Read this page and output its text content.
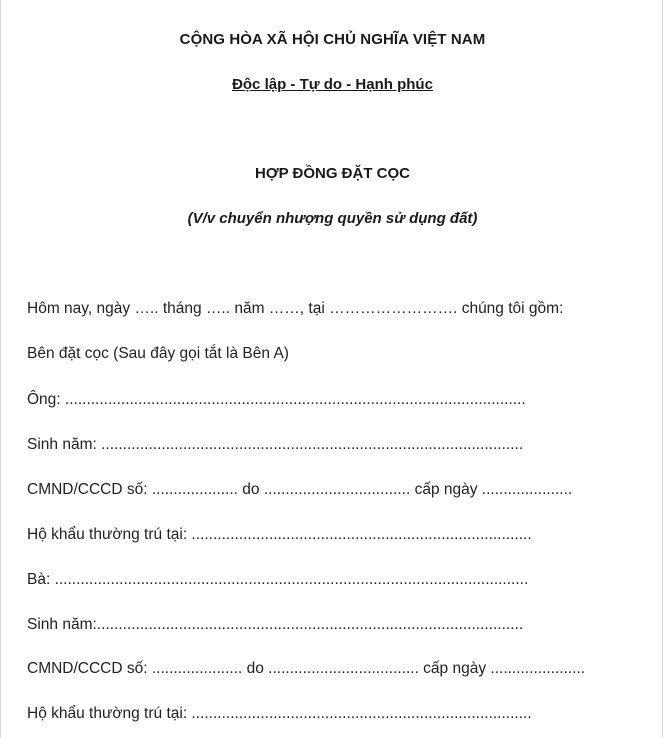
CỘNG HÒA XÃ HỘI CHỦ NGHĨA VIỆT NAM
Độc lập - Tự do - Hạnh phúc
HỢP ĐỒNG ĐẶT CỌC
(V/v chuyển nhượng quyền sử dụng đất)
Hôm nay, ngày ….. tháng ….. năm ……, tại ……………………. chúng tôi gồm:
Bên đặt cọc (Sau đây gọi tắt là Bên A)
Ông: ...........................................................................................................
Sinh năm: ..................................................................................................
CMND/CCCD số: .................... do .................................. cấp ngày .....................
Hộ khẩu thường trú tại: ...............................................................................
Bà: ..............................................................................................................
Sinh năm:...................................................................................................
CMND/CCCD số: ..................... do ................................... cấp ngày ......................
Hộ khẩu thường trú tại: ...............................................................................
